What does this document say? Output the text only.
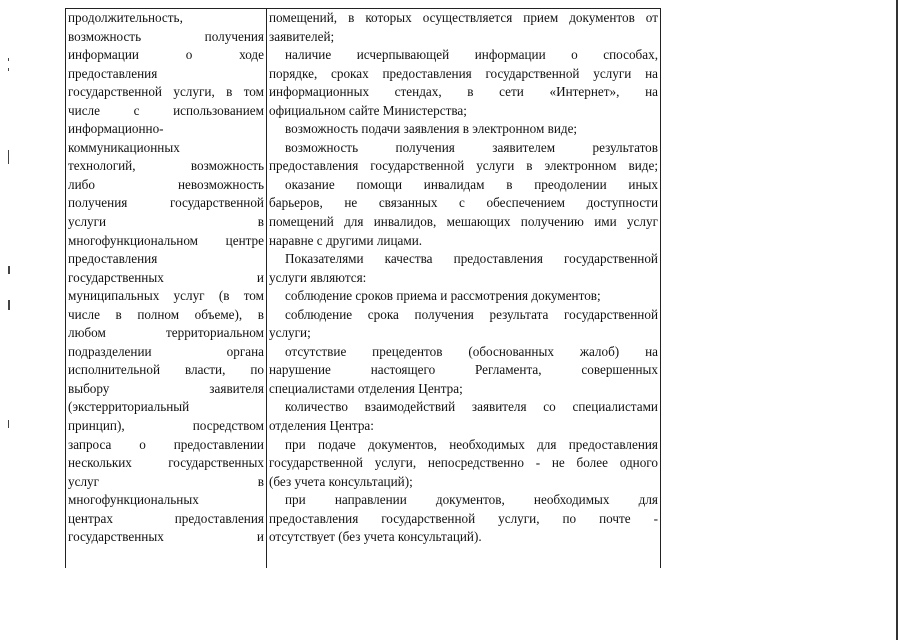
продолжительность,
возможность получения
информации о ходе
предоставления
государственной услуги, в том
числе с использованием
информационно-
коммуникационных
технологий, возможность
либо невозможность
получения государственной
услуги в
многофункциональном центре
предоставления
государственных и
муниципальных услуг (в том
числе в полном объеме), в
любом территориальном
подразделении органа
исполнительной власти, по
выбору заявителя
(экстерриториальный
принцип), посредством
запроса о предоставлении
нескольких государственных
услуг в
многофункциональных
центрах предоставления
государственных и
помещений, в которых осуществляется прием документов от
заявителей;
наличие исчерпывающей информации о способах,
порядке, сроках предоставления государственной услуги на
информационных стендах, в сети «Интернет», на
официальном сайте Министерства;
возможность подачи заявления в электронном виде;
возможность получения заявителем результатов
предоставления государственной услуги в электронном виде;
оказание помощи инвалидам в преодолении иных
барьеров, не связанных с обеспечением доступности
помещений для инвалидов, мешающих получению ими услуг
наравне с другими лицами.
Показателями качества предоставления государственной
услуги являются:
соблюдение сроков приема и рассмотрения документов;
соблюдение срока получения результата государственной
услуги;
отсутствие прецедентов (обоснованных жалоб) на
нарушение настоящего Регламента, совершенных
специалистами отделения Центра;
количество взаимодействий заявителя со специалистами
отделения Центра:
при подаче документов, необходимых для предоставления
государственной услуги, непосредственно - не более одного
(без учета консультаций);
при направлении документов, необходимых для
предоставления государственной услуги, по почте -
отсутствует (без учета консультаций).
